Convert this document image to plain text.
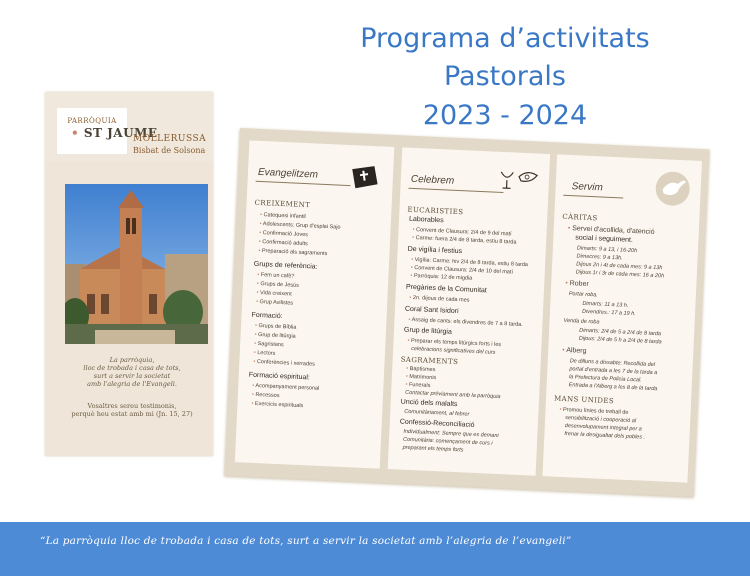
Programa d’activitats
Pastorals
2023 - 2024
PARRÒQUIA
• ST JAUME
MOLLERUSSA
Bisbat de Solsona
La parròquia,
lloc de trobada i casa de tots,
surt a servir la societat
amb l'alegria de l'Evangeli.
Vosaltres sereu testimonis,
perquè heu estat amb mi (Jn. 15, 27)
Evangelitzem
CREIXEMENT
• Catequesi infantil
• Adolescents: Grup d'esplai Sajo
• Confirmació Joves
• Confirmació adults
• Preparació als sagraments
Grups de referència:
• Fem un cafè?
• Grups de Jesús
• Vida creixent
• Grup Avilistes
Formació:
• Grups de Bíblia
• Grup de litúrgia
• Sagristans
• Lectors
• Conferències i xerrades
Formació espiritual:
• Acompanyament personal
• Recessos
• Exercicis espirituals
Celebrem
EUCARISTIES
Laborables
• Convent de Clausura: 2/4 de 9 del matí
• Carme: fuera 2/4 de 8 tarda, estiu 8 tarda
De vigília i festius
• Vigília: Carme: hiv 2/4 de 8 tarda, estiu 8 tarda
• Convent de Clausura: 2/4 de 10 del matí
• Parròquia: 12 de migdia
Pregàries de la Comunitat
• 2n. dijous de cada mes
Coral Sant Isidori
• Assaig de cants: els divendres de 7 a 8 tarda.
Grup de litúrgia
• Preparar els temps litúrgics forts i les
celebracions significatives del curs
SAGRAMENTS
• Baptismes
• Matrimonis
• Funerals
Contactar prèviament amb la parròquia
Unció dels malalts
Comunitàriament, al febrer
Confessió-Reconciliació
Individualment: Sempre que es demani
Comunitària: començament de curs i
preparant els temps forts
Servim
CÀRITAS
• Servei d'acollida, d'atenció
social i seguiment.
Dimarts: 9 a 13, i 16-20h
Dimecres: 9 a 13h.
Dijous 2n i 4t de cada mes: 9 a 13h
Dijous 1r i 3r de cada mes: 16 a 20h
• Rober
Portar roba.
Dimarts: 11 a 13 h.
Divendres.: 17 a 19 h.
Venda de roba
Dimarts: 2/4 de 5 a 2/4 de 8 tarda
Dijous: 2/4 de 5 h a 2/4 de 8 tarda
• Alberg
De dilluns a dissabte: Recollida del
portal d'entrada a les 7 de la tarda a
la Prefectura de Policia Local.
Entrada a l'Alberg a les 8 de la tarda
MANS UNIDES
• Promou línies de treball de
sensibilització i cooperació al
desenvolupament integral per a
frenar la desigualtat dels pobles .
“La parròquia lloc de trobada i casa de tots, surt a servir la societat amb l’alegria de l’evangeli”
